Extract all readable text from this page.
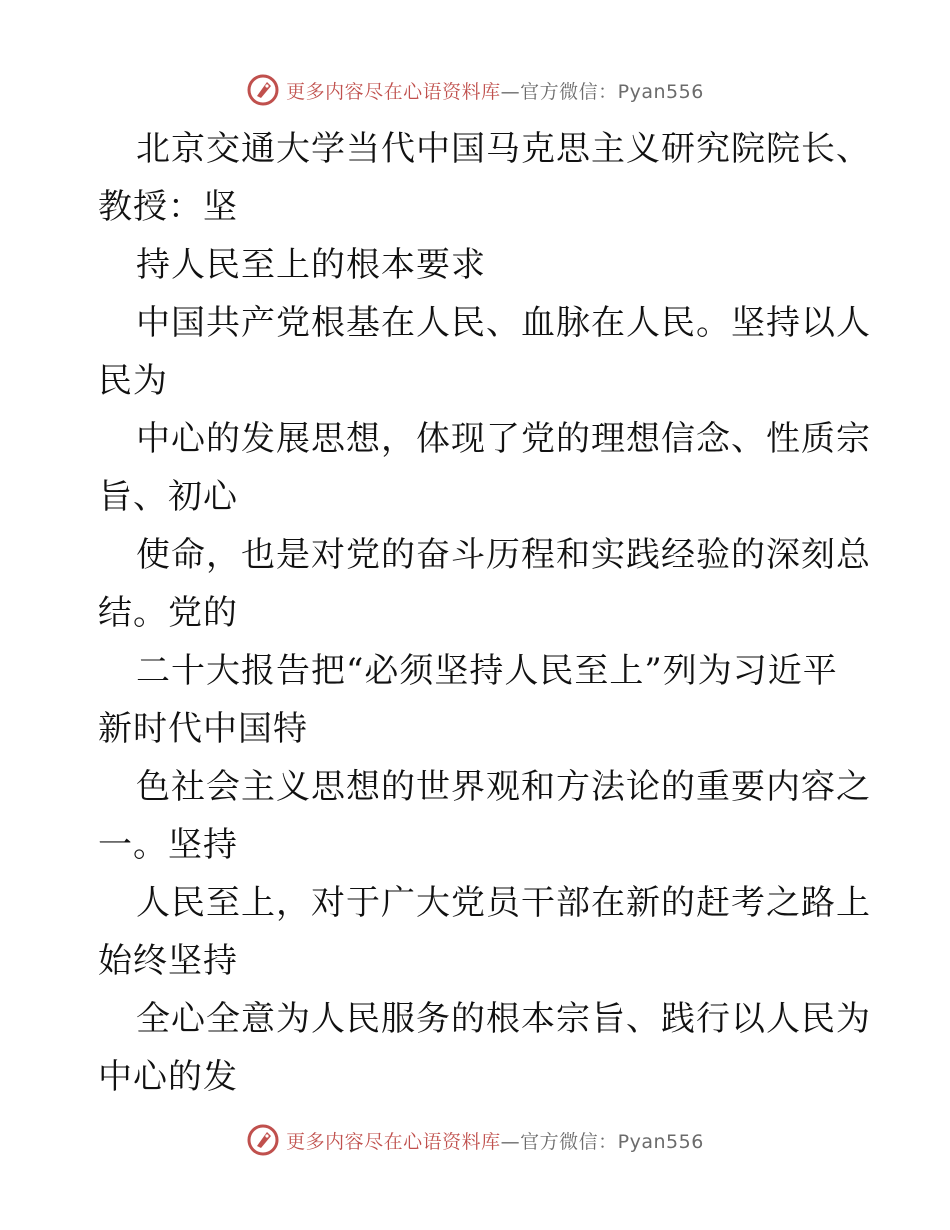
更多内容尽在心语资料库—官方微信：Pyan556

北京交通大学当代中国马克思主义研究院院长、

教授：坚

持人民至上的根本要求

中国共产党根基在人民、血脉在人民。坚持以人

民为

中心的发展思想，体现了党的理想信念、性质宗

旨、初心

使命，也是对党的奋斗历程和实践经验的深刻总

结。党的

二十大报告把“必须坚持人民至上”列为习近平

新时代中国特

色社会主义思想的世界观和方法论的重要内容之

一。坚持

人民至上，对于广大党员干部在新的赶考之路上

始终坚持

全心全意为人民服务的根本宗旨、践行以人民为

中心的发

更多内容尽在心语资料库—官方微信：Pyan556
